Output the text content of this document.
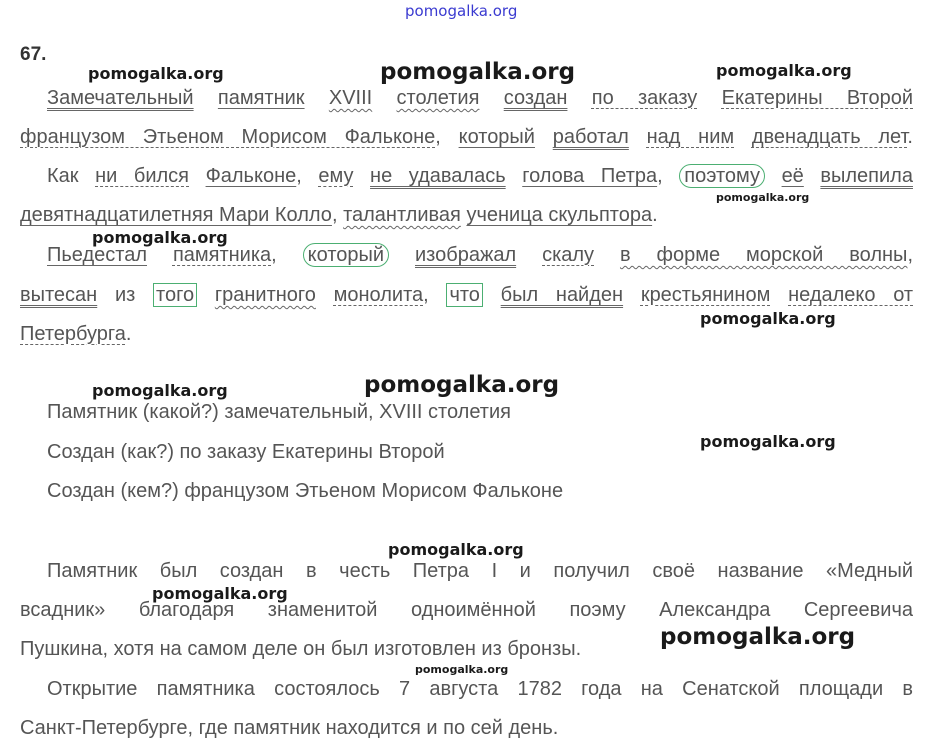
pomogalka.org
pomogalka.org	pomogalka.org	pomogalka.org
pomogalka.org
pomogalka.org
pomogalka.org
pomogalka.org	pomogalka.org
pomogalka.org
pomogalka.org
pomogalka.org
pomogalka.org
pomogalka.org
67.
Замечательный памятник XVIII столетия создан по заказу Екатерины Второй
французом Этьеном Морисом Фальконе, который работал над ним двенадцать лет.
Как ни бился Фальконе, ему не удавалась голова Петра, поэтому её вылепила
девятнадцатилетняя Мари Колло, талантливая ученица скульптора.
Пьедестал памятника, который изображал скалу в форме морской волны,
вытесан из того гранитного монолита, что был найден крестьянином недалеко от
Петербурга.
Памятник (какой?) замечательный, XVIII столетия
Создан (как?) по заказу Екатерины Второй
Создан (кем?) французом Этьеном Морисом Фальконе
Памятник был создан в честь Петра I и получил своё название «Медный
всадник» благодаря знаменитой одноимённой поэму Александра Сергеевича
Пушкина, хотя на самом деле он был изготовлен из бронзы.
Открытие памятника состоялось 7 августа 1782 года на Сенатской площади в
Санкт-Петербурге, где памятник находится и по сей день.
